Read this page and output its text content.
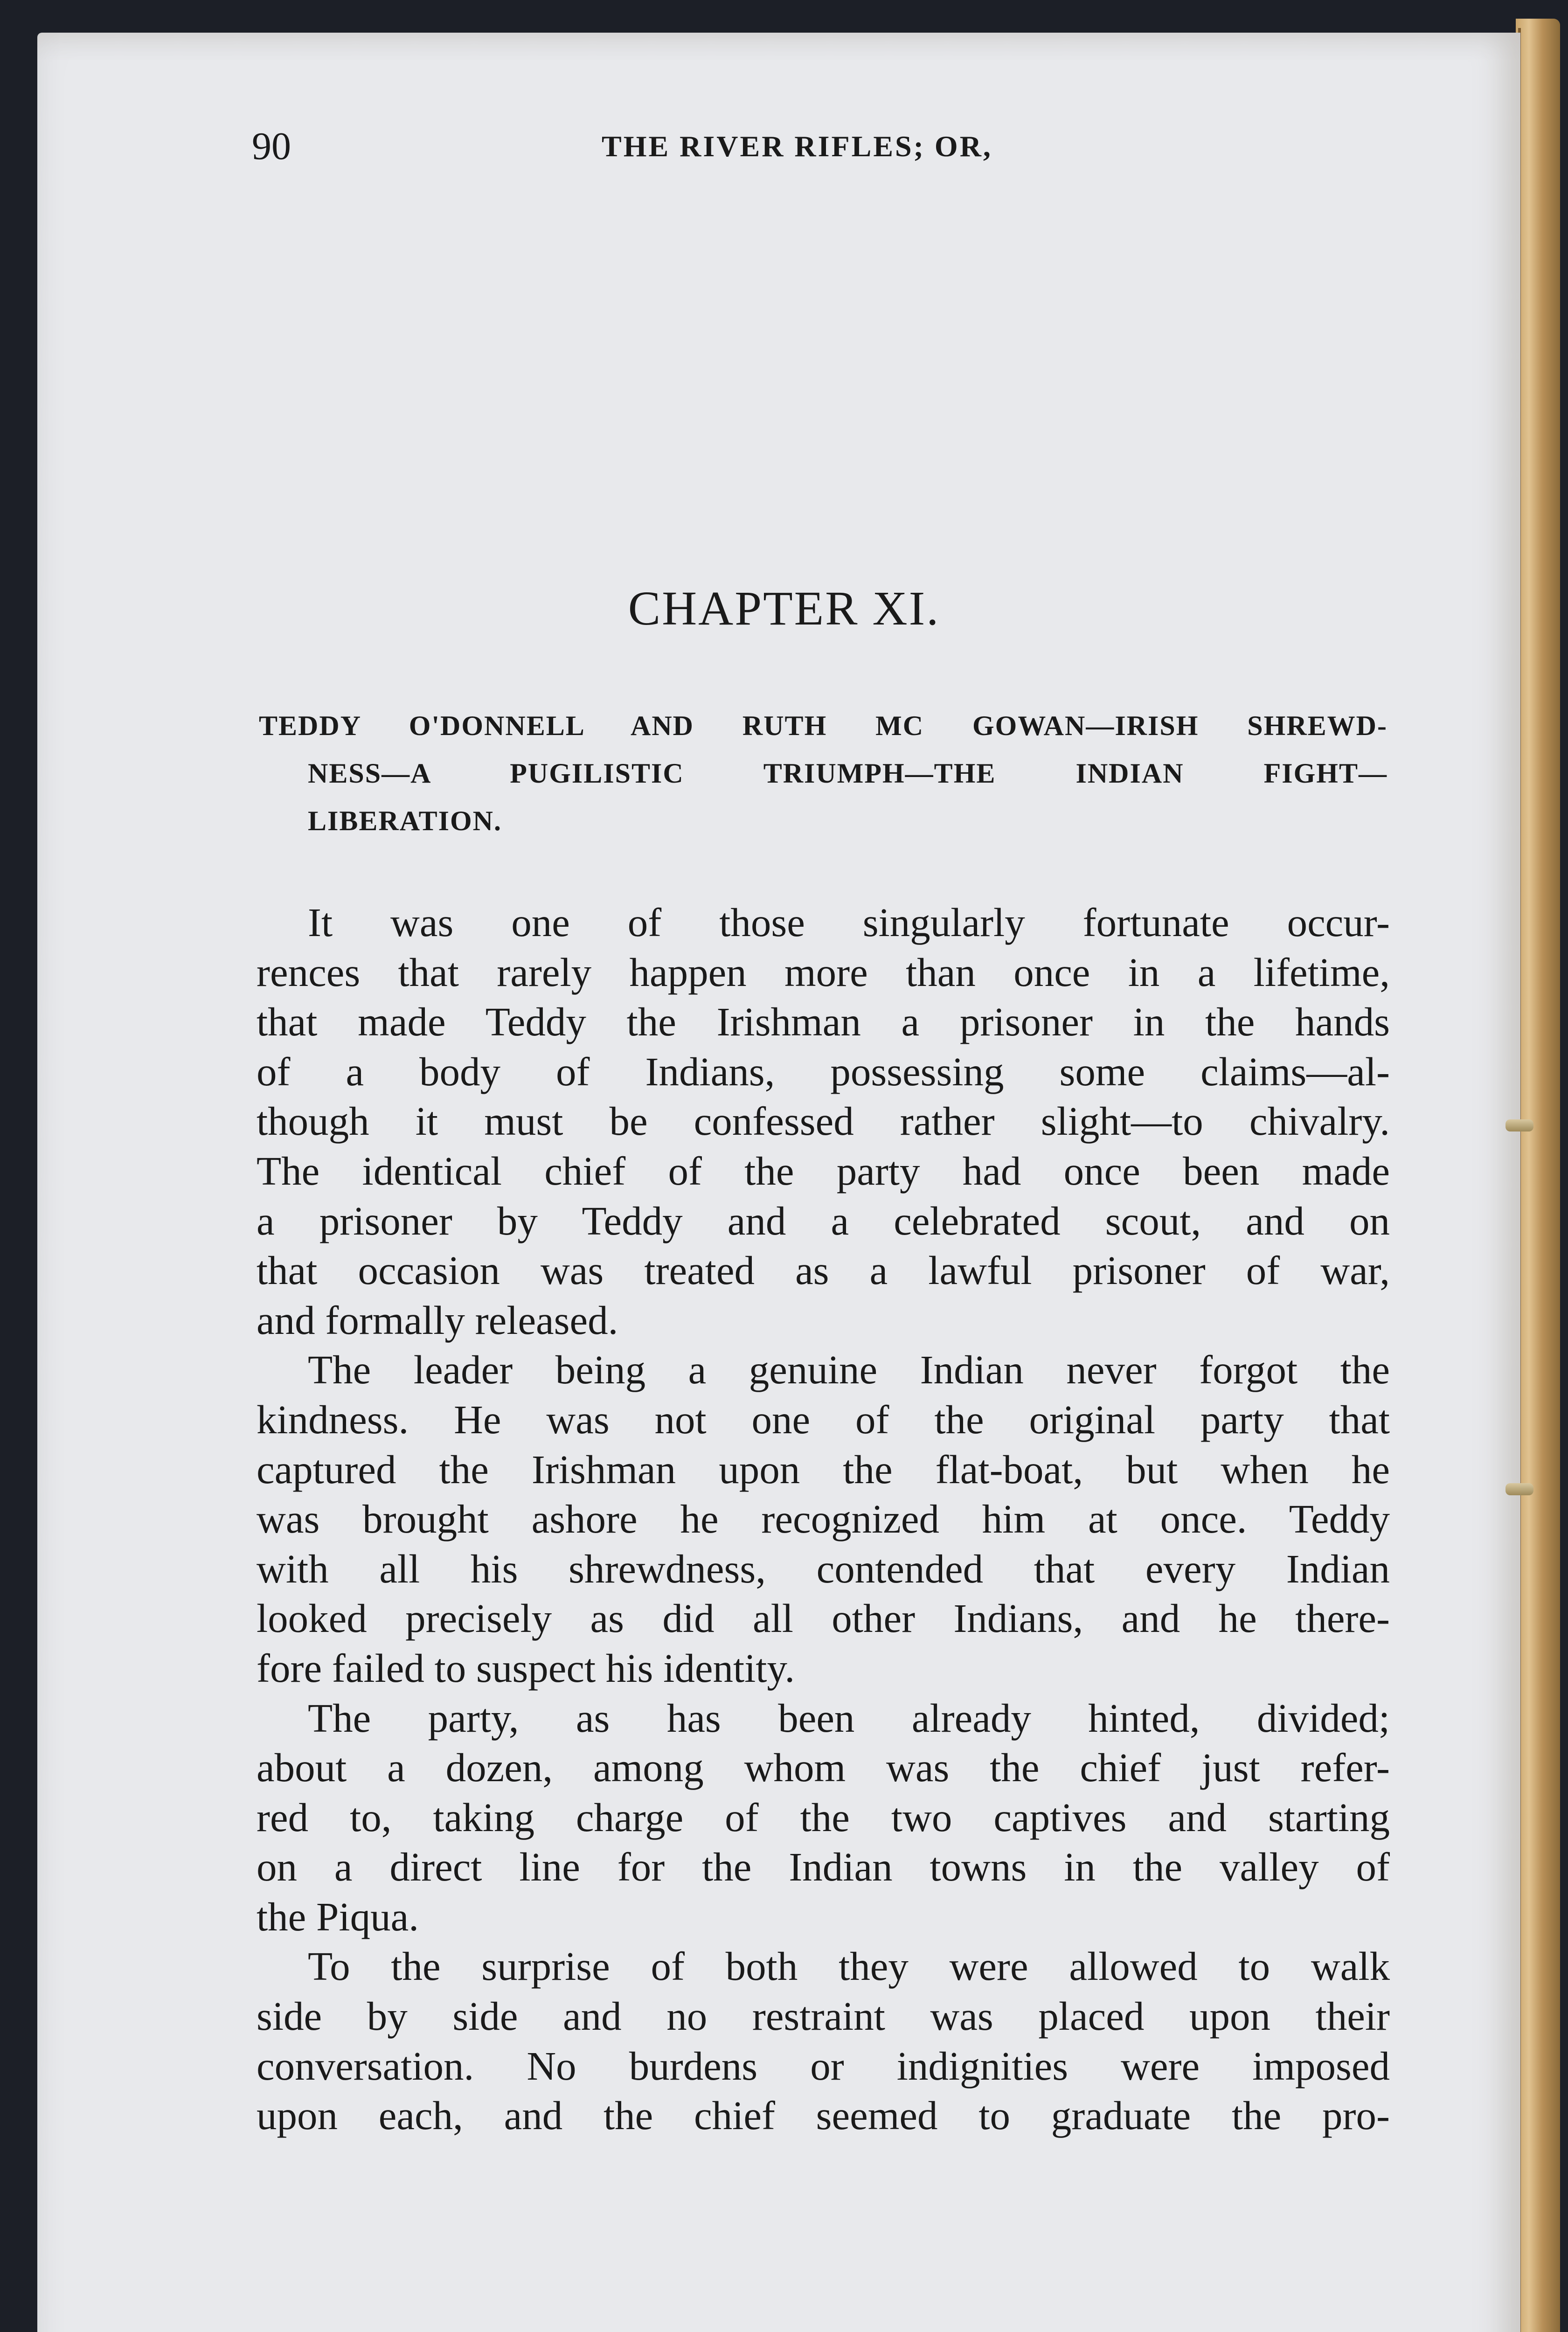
90	THE RIVER RIFLES; OR,
CHAPTER XI.
TEDDY O'DONNELL AND RUTH MC GOWAN—IRISH SHREWD-
NESS—A PUGILISTIC TRIUMPH—THE INDIAN FIGHT—
LIBERATION.
It was one of those singularly fortunate occur-
rences that rarely happen more than once in a lifetime,
that made Teddy the Irishman a prisoner in the hands
of a body of Indians, possessing some claims—al-
though it must be confessed rather slight—to chivalry.
The identical chief of the party had once been made
a prisoner by Teddy and a celebrated scout, and on
that occasion was treated as a lawful prisoner of war,
and formally released.
The leader being a genuine Indian never forgot the
kindness. He was not one of the original party that
captured the Irishman upon the flat-boat, but when he
was brought ashore he recognized him at once. Teddy
with all his shrewdness, contended that every Indian
looked precisely as did all other Indians, and he there-
fore failed to suspect his identity.
The party, as has been already hinted, divided;
about a dozen, among whom was the chief just refer-
red to, taking charge of the two captives and starting
on a direct line for the Indian towns in the valley of
the Piqua.
To the surprise of both they were allowed to walk
side by side and no restraint was placed upon their
conversation. No burdens or indignities were imposed
upon each, and the chief seemed to graduate the pro-
